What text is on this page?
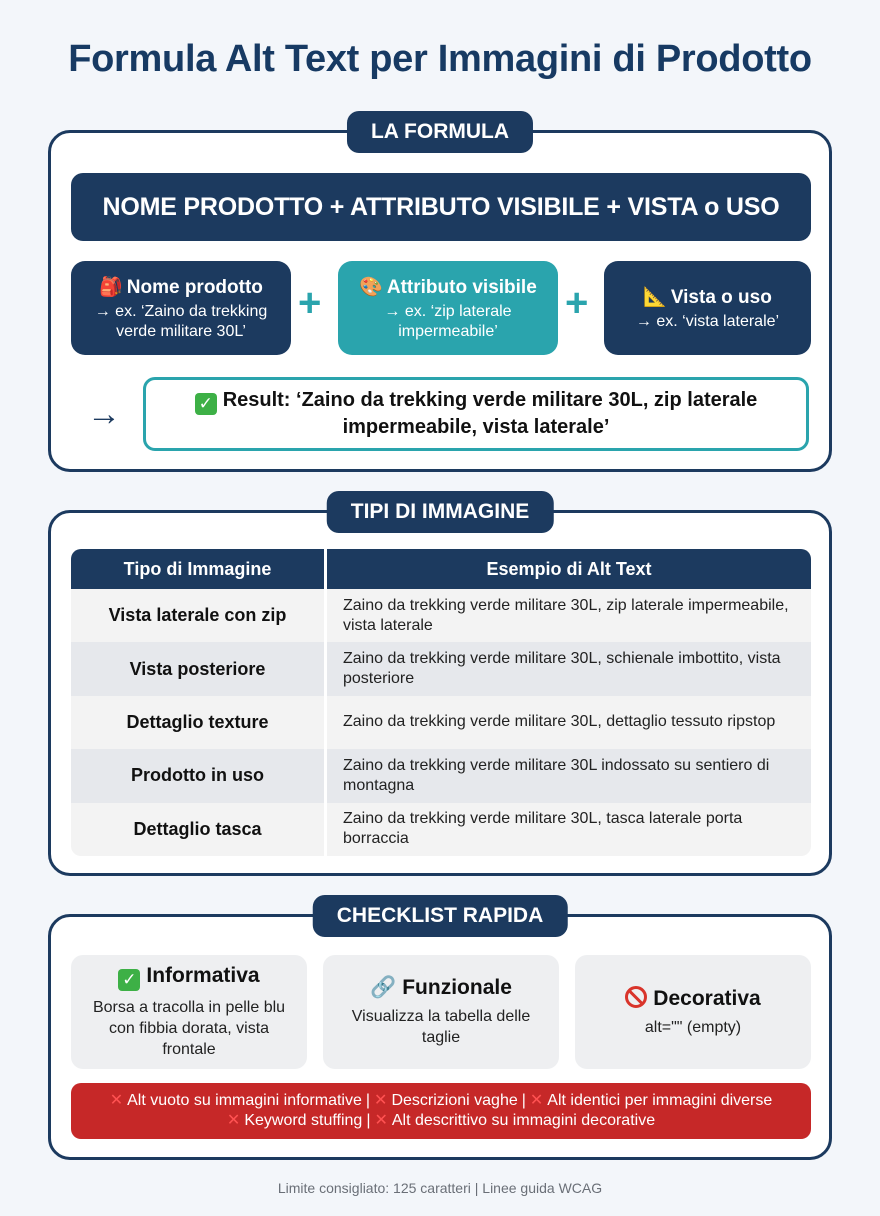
Formula Alt Text per Immagini di Prodotto
LA FORMULA
NOME PRODOTTO + ATTRIBUTO VISIBILE + VISTA o USO
🎒 Nome prodotto
→ ex. ‘Zaino da trekking verde militare 30L’
+	🎨 Attributo visibile
→ ex. ‘zip laterale impermeabile’
+	📐 Vista o uso
→ ex. ‘vista laterale’
→	✓ Result: ‘Zaino da trekking verde militare 30L, zip laterale impermeabile, vista laterale’
TIPI DI IMMAGINE
Tipo di Immagine	Esempio di Alt Text
Vista laterale con zip	Zaino da trekking verde militare 30L, zip laterale impermeabile, vista laterale
Vista posteriore	Zaino da trekking verde militare 30L, schienale imbottito, vista posteriore
Dettaglio texture	Zaino da trekking verde militare 30L, dettaglio tessuto ripstop
Prodotto in uso	Zaino da trekking verde militare 30L indossato su sentiero di montagna
Dettaglio tasca	Zaino da trekking verde militare 30L, tasca laterale porta borraccia
CHECKLIST RAPIDA
✓ Informativa
Borsa a tracolla in pelle blu con fibbia dorata, vista frontale
🔗 Funzionale
Visualizza la tabella delle taglie
Decorativa
alt="" (empty)
✕ Alt vuoto su immagini informative | ✕ Descrizioni vaghe | ✕ Alt identici per immagini diverse
✕ Keyword stuffing | ✕ Alt descrittivo su immagini decorative
Limite consigliato: 125 caratteri | Linee guida WCAG
